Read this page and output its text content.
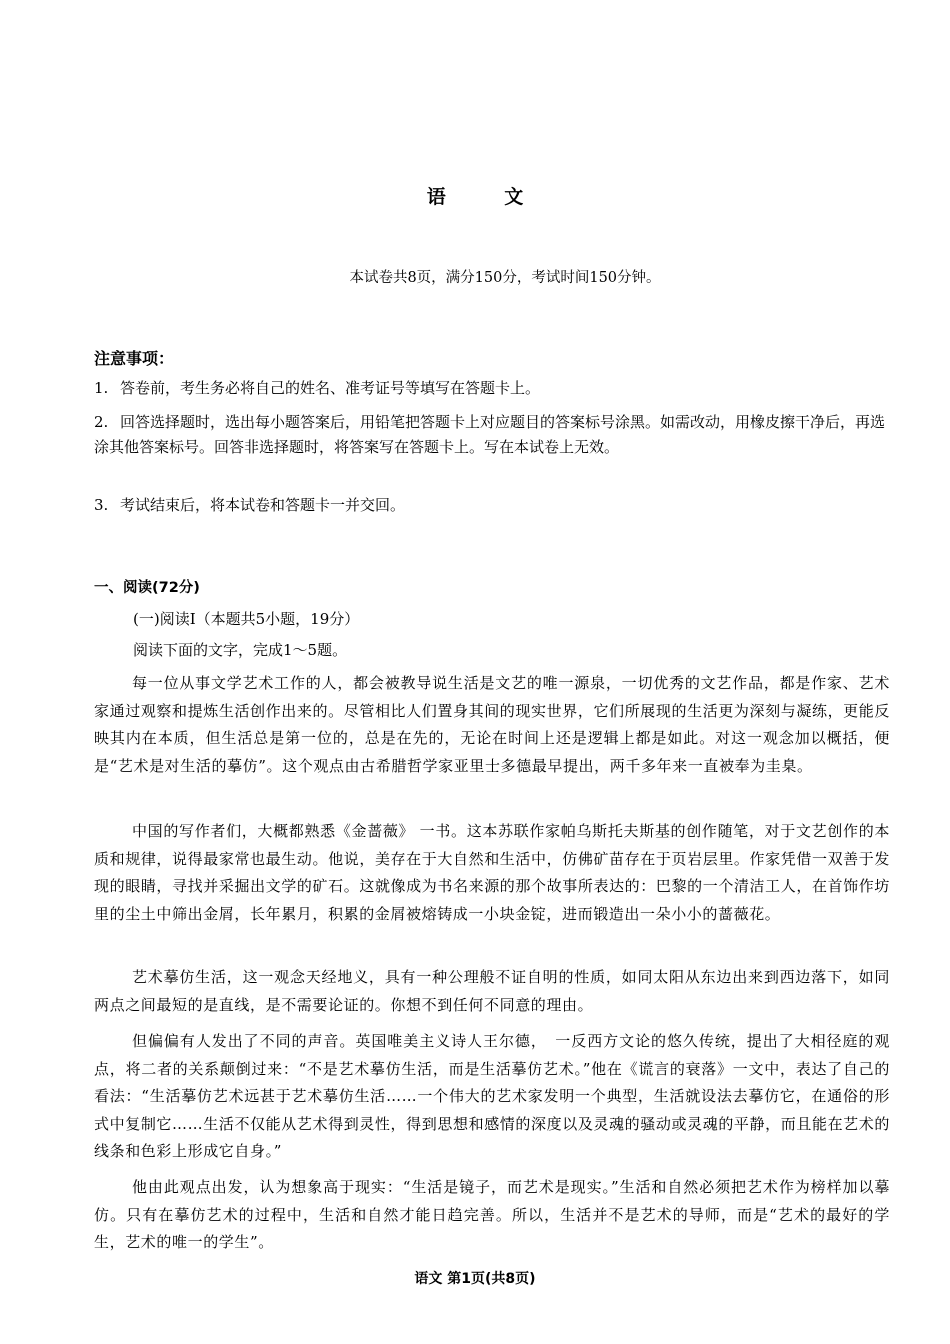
语 文
本试卷共8页，满分150分，考试时间150分钟。
注意事项：
1. 答卷前，考生务必将自己的姓名、准考证号等填写在答题卡上。
2. 回答选择题时，选出每小题答案后，用铅笔把答题卡上对应题目的答案标号涂黑。如需改动，用橡皮擦干净后，再选涂其他答案标号。回答非选择题时，将答案写在答题卡上。写在本试卷上无效。
3. 考试结束后，将本试卷和答题卡一并交回。
一、阅读(72分)
(一)阅读I（本题共5小题，19分）
阅读下面的文字，完成1～5题。
每一位从事文学艺术工作的人，都会被教导说生活是文艺的唯一源泉，一切优秀的文艺作品，都是作家、艺术家通过观察和提炼生活创作出来的。尽管相比人们置身其间的现实世界，它们所展现的生活更为深刻与凝练，更能反映其内在本质，但生活总是第一位的，总是在先的，无论在时间上还是逻辑上都是如此。对这一观念加以概括，便是“艺术是对生活的摹仿”。这个观点由古希腊哲学家亚里士多德最早提出，两千多年来一直被奉为圭臬。
中国的写作者们，大概都熟悉《金蔷薇》 一书。这本苏联作家帕乌斯托夫斯基的创作随笔，对于文艺创作的本质和规律，说得最家常也最生动。他说，美存在于大自然和生活中，仿佛矿苗存在于页岩层里。作家凭借一双善于发现的眼睛，寻找并采掘出文学的矿石。这就像成为书名来源的那个故事所表达的：巴黎的一个清洁工人，在首饰作坊里的尘土中筛出金屑，长年累月，积累的金屑被熔铸成一小块金锭，进而锻造出一朵小小的蔷薇花。
艺术摹仿生活，这一观念天经地义，具有一种公理般不证自明的性质，如同太阳从东边出来到西边落下，如同两点之间最短的是直线，是不需要论证的。你想不到任何不同意的理由。
但偏偏有人发出了不同的声音。英国唯美主义诗人王尔德，　一反西方文论的悠久传统，提出了大相径庭的观点，将二者的关系颠倒过来：“不是艺术摹仿生活，而是生活摹仿艺术。”他在《谎言的衰落》一文中，表达了自己的看法：“生活摹仿艺术远甚于艺术摹仿生活……一个伟大的艺术家发明一个典型，生活就设法去摹仿它，在通俗的形式中复制它……生活不仅能从艺术得到灵性，得到思想和感情的深度以及灵魂的骚动或灵魂的平静，而且能在艺术的线条和色彩上形成它自身。”
他由此观点出发，认为想象高于现实：“生活是镜子，而艺术是现实。”生活和自然必须把艺术作为榜样加以摹仿。只有在摹仿艺术的过程中，生活和自然才能日趋完善。所以，生活并不是艺术的导师，而是“艺术的最好的学生，艺术的唯一的学生”。
语文 第1页(共8页)
